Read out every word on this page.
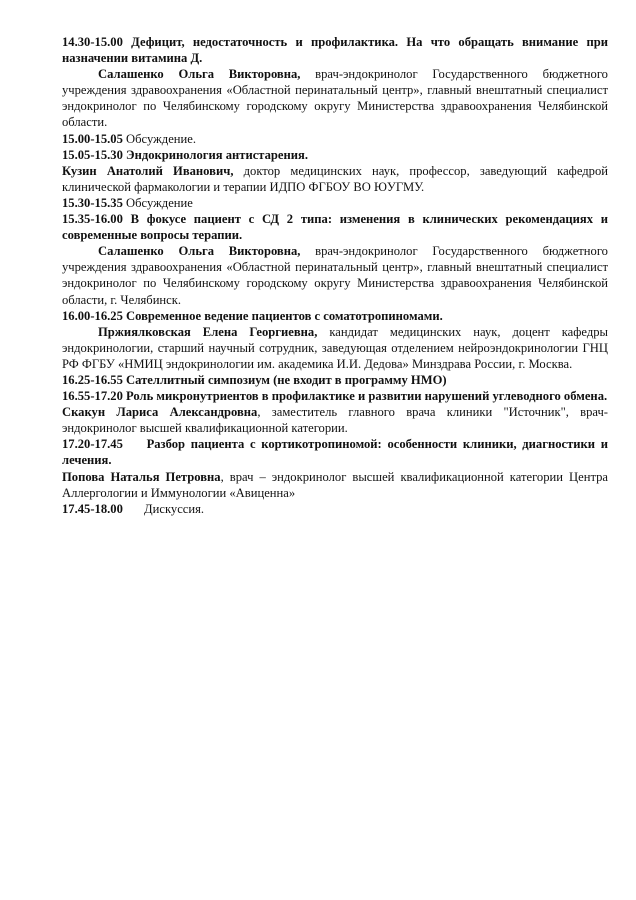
14.30-15.00 Дефицит, недостаточность и профилактика. На что обращать внимание при назначении витамина Д.

Салашенко Ольга Викторовна, врач-эндокринолог Государственного бюджетного учреждения здравоохранения «Областной перинатальный центр», главный внештатный специалист эндокринолог по Челябинскому городскому округу Министерства здравоохранения Челябинской области.

15.00-15.05 Обсуждение.

15.05-15.30 Эндокринология антистарения.

Кузин Анатолий Иванович, доктор медицинских наук, профессор, заведующий кафедрой клинической фармакологии и терапии ИДПО ФГБОУ ВО ЮУГМУ.

15.30-15.35 Обсуждение

15.35-16.00 В фокусе пациент с СД 2 типа: изменения в клинических рекомендациях и современные вопросы терапии.

Салашенко Ольга Викторовна, врач-эндокринолог Государственного бюджетного учреждения здравоохранения «Областной перинатальный центр», главный внештатный специалист эндокринолог по Челябинскому городскому округу Министерства здравоохранения Челябинской области, г. Челябинск.

16.00-16.25 Современное ведение пациентов с соматотропиномами.

Пржиялковская Елена Георгиевна, кандидат медицинских наук, доцент кафедры эндокринологии, старший научный сотрудник, заведующая отделением нейроэндокринологии ГНЦ РФ ФГБУ «НМИЦ эндокринологии им. академика И.И. Дедова» Минздрава России, г. Москва.

16.25-16.55 Сателлитный симпозиум (не входит в программу НМО)

16.55-17.20 Роль микронутриентов в профилактике и развитии нарушений углеводного обмена.

Скакун Лариса Александровна, заместитель главного врача клиники "Источник", врач-эндокринолог высшей квалификационной категории.

17.20-17.45 Разбор пациента с кортикотропиномой: особенности клиники, диагностики и лечения.

Попова Наталья Петровна, врач – эндокринолог высшей квалификационной категории Центра Аллергологии и Иммунологии «Авиценна»

17.45-18.00 Дискуссия.
